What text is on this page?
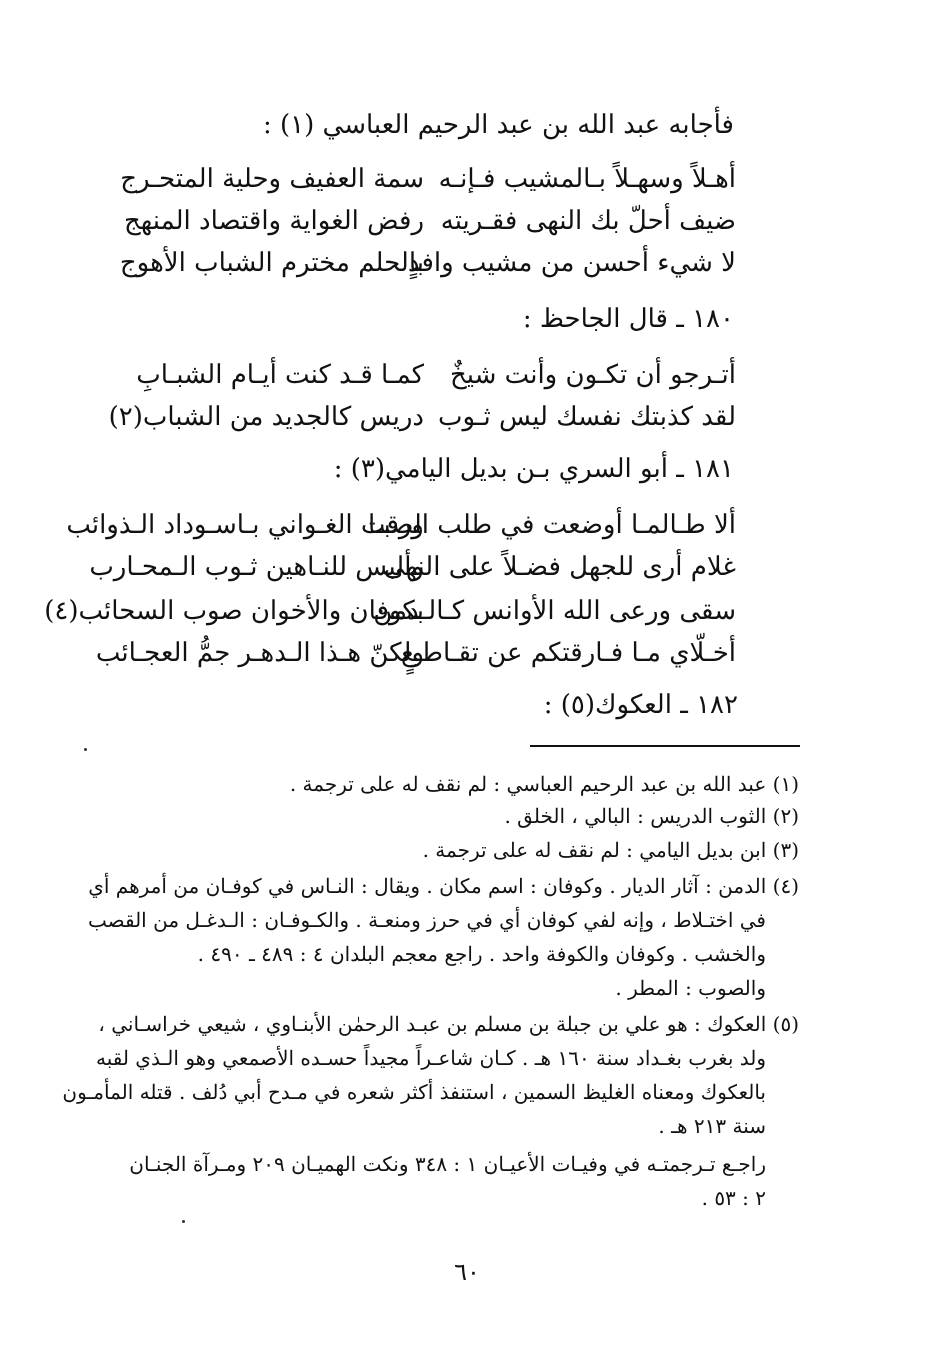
فأجابه عبد الله بن عبد الرحيم العباسي (١) :
أهـلاً وسهـلاً بـالمشيب فـإنـه
سمة العفيف وحلية المتحـرج
ضيف أحلّ بك النهى فقـريته
رفض الغواية واقتصاد المنهج
لا شيء أحسن من مشيب وافدٍ
بالحلم مخترم الشباب الأهوج
١٨٠ ـ قال الجاحظ :
أتـرجو أن تكـون وأنت شيخٌ
كمـا قـد كنت أيـام الشبـابِ
لقد كذبتك نفسك ليس ثـوب
دريس كالجديد من الشباب(٢)
١٨١ ـ أبو السري بـن بديل اليامي(٣) :
ألا طـالمـا أوضعت في طلب الصبـا
ورقت الغـواني بـاسـوداد الـذوائب
غلام أرى للجهل فضـلاً على النهى
وألبس للنـاهين ثـوب الـمحـارب
سقى ورعى الله الأوانس كـالـدمن
بكوفان والأخوان صوب السحائب(٤)
أخـلّاي مـا فـارقتكم عن تقـاطـعٍ
ولكنّ هـذا الـدهـر جمُّ العجـائب
١٨٢ ـ العكوك(٥) :
(١) عبد الله بن عبد الرحيم العباسي : لم نقف له على ترجمة .
(٢) الثوب الدريس : البالي ، الخلق .
(٣) ابن بديل اليامي : لم نقف له على ترجمة .
(٤) الدمن : آثار الديار . وكوفان : اسم مكان . ويقال : النـاس في كوفـان من أمرهم أي
في اختـلاط ، وإنه لفي كوفان أي في حرز ومنعـة . والكـوفـان : الـدغـل من القصب
والخشب . وكوفان والكوفة واحد . راجع معجم البلدان ٤ : ٤٨٩ ـ ٤٩٠ .
والصوب : المطر .
(٥) العكوك : هو علي بن جبلة بن مسلم بن عبـد الرحمٰن الأبنـاوي ، شيعي خراسـاني ،
ولد بغرب بغـداد سنة ١٦٠ هـ . كـان شاعـراً مجيداً حسـده الأصمعي وهو الـذي لقبه
بالعكوك ومعناه الغليظ السمين ، استنفذ أكثر شعره في مـدح أبي دُلف . قتله المأمـون
سنة ٢١٣ هـ .
راجـع تـرجمتـه في وفيـات الأعيـان ١ : ٣٤٨ ونكت الهميـان ٢٠٩ ومـرآة الجنـان
٢ : ٥٣ .
٦٠
